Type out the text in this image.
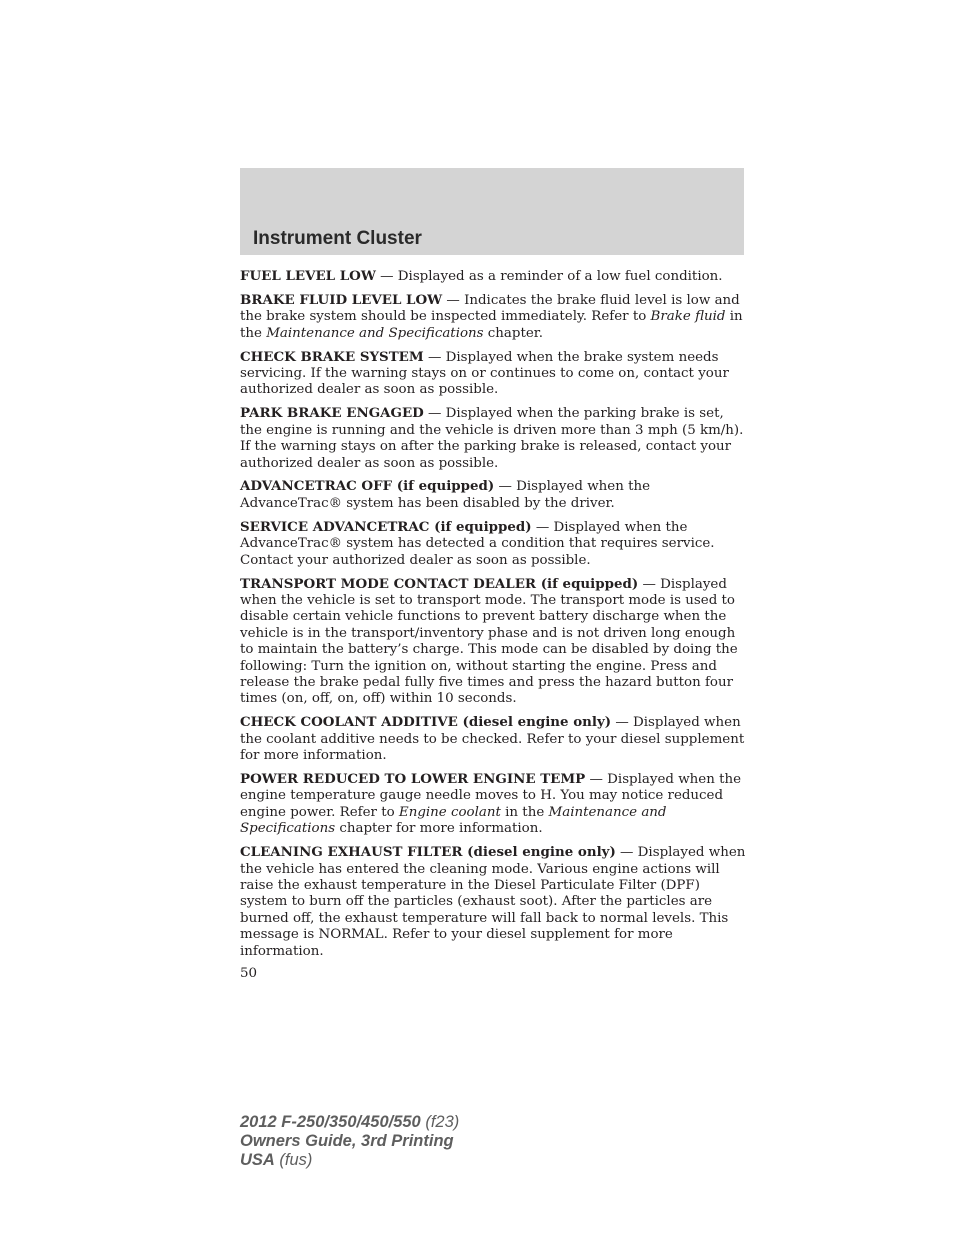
Instrument Cluster

FUEL LEVEL LOW — Displayed as a reminder of a low fuel condition.

BRAKE FLUID LEVEL LOW — Indicates the brake fluid level is low and the brake system should be inspected immediately. Refer to Brake fluid in the Maintenance and Specifications chapter.

CHECK BRAKE SYSTEM — Displayed when the brake system needs servicing. If the warning stays on or continues to come on, contact your authorized dealer as soon as possible.

PARK BRAKE ENGAGED — Displayed when the parking brake is set, the engine is running and the vehicle is driven more than 3 mph (5 km/h). If the warning stays on after the parking brake is released, contact your authorized dealer as soon as possible.

ADVANCETRAC OFF (if equipped) — Displayed when the AdvanceTrac® system has been disabled by the driver.

SERVICE ADVANCETRAC (if equipped) — Displayed when the AdvanceTrac® system has detected a condition that requires service. Contact your authorized dealer as soon as possible.

TRANSPORT MODE CONTACT DEALER (if equipped) — Displayed when the vehicle is set to transport mode. The transport mode is used to disable certain vehicle functions to prevent battery discharge when the vehicle is in the transport/inventory phase and is not driven long enough to maintain the battery’s charge. This mode can be disabled by doing the following: Turn the ignition on, without starting the engine. Press and release the brake pedal fully five times and press the hazard button four times (on, off, on, off) within 10 seconds.

CHECK COOLANT ADDITIVE (diesel engine only) — Displayed when the coolant additive needs to be checked. Refer to your diesel supplement for more information.

POWER REDUCED TO LOWER ENGINE TEMP — Displayed when the engine temperature gauge needle moves to H. You may notice reduced engine power. Refer to Engine coolant in the Maintenance and Specifications chapter for more information.

CLEANING EXHAUST FILTER (diesel engine only) — Displayed when the vehicle has entered the cleaning mode. Various engine actions will raise the exhaust temperature in the Diesel Particulate Filter (DPF) system to burn off the particles (exhaust soot). After the particles are burned off, the exhaust temperature will fall back to normal levels. This message is NORMAL. Refer to your diesel supplement for more information.

50
2012 F-250/350/450/550 (f23)
Owners Guide, 3rd Printing
USA (fus)
